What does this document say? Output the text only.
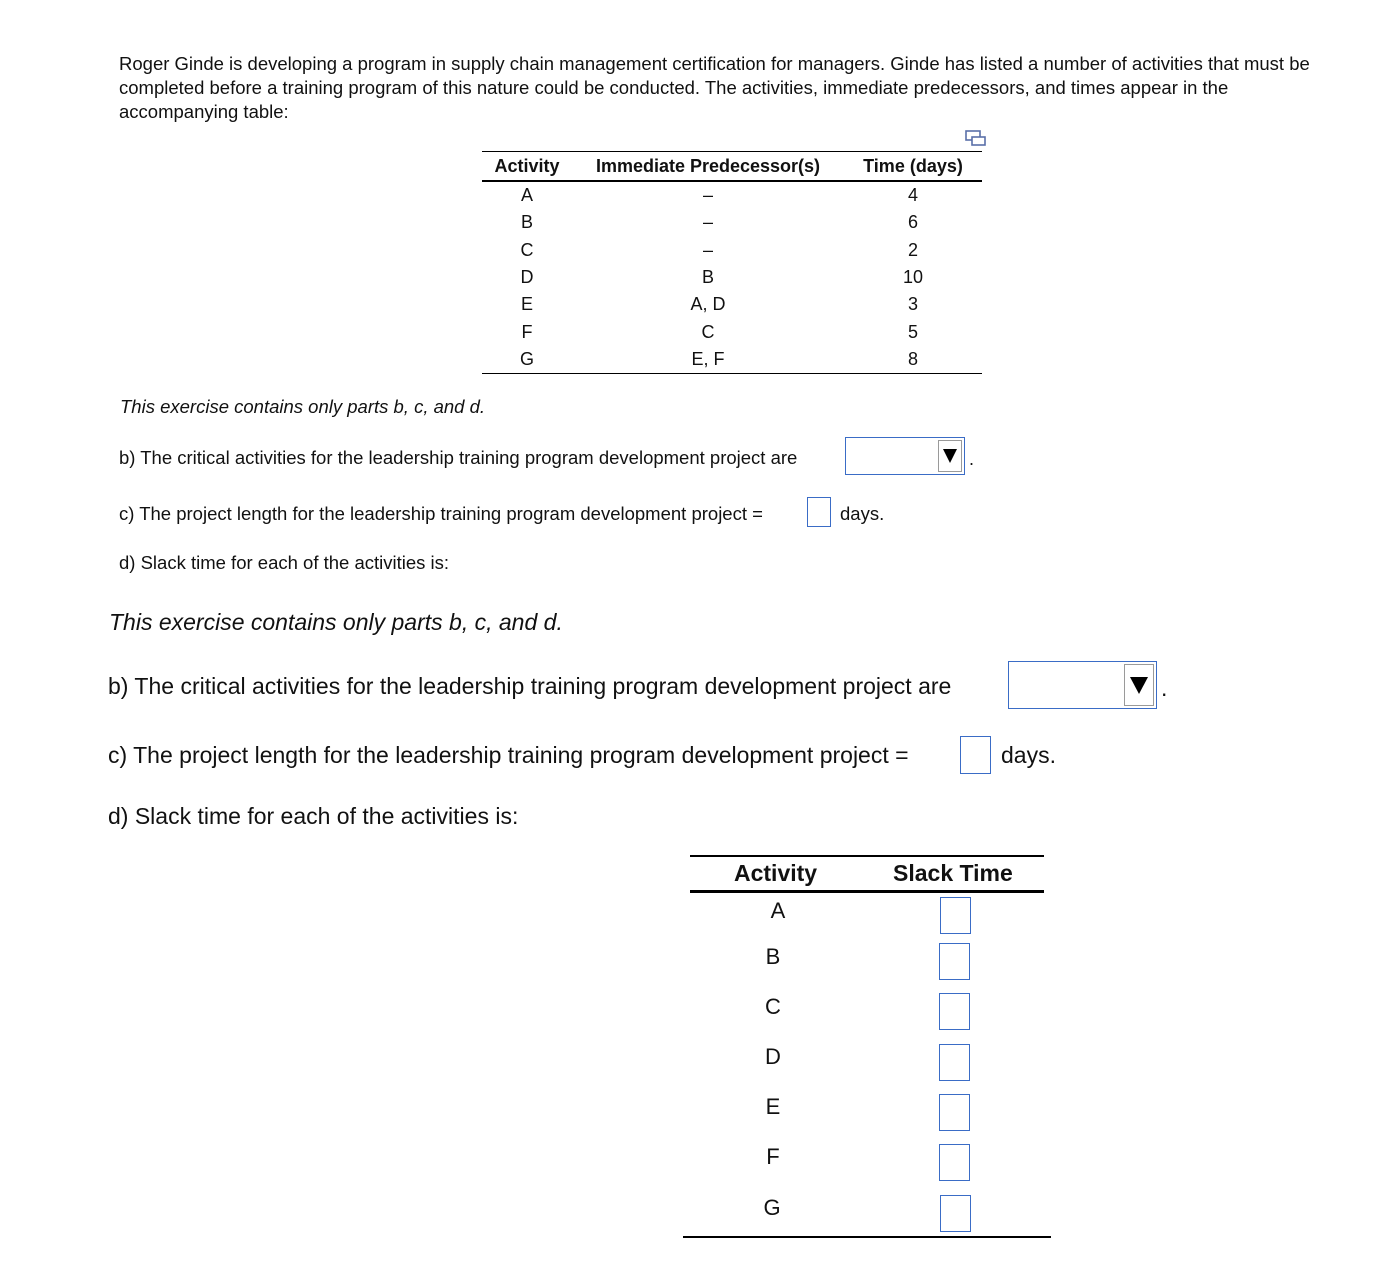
Roger Ginde is developing a program in supply chain management certification for managers. Ginde has listed a number of activities that must be completed before a training program of this nature could be conducted. The activities, immediate predecessors, and times appear in the accompanying table:

Activity	Immediate Predecessor(s)	Time (days)
A	–	4
B	–	6
C	–	2
D	B	10
E	A, D	3
F	C	5
G	E, F	8
This exercise contains only parts b, c, and d.
b) The critical activities for the leadership training program development project are	.
c) The project length for the leadership training program development project =	days.
d) Slack time for each of the activities is:
This exercise contains only parts b, c, and d.
b) The critical activities for the leadership training program development project are	.
c) The project length for the leadership training program development project =	days.
d) Slack time for each of the activities is:
Activity	Slack Time
A
B
C
D
E
F
G
